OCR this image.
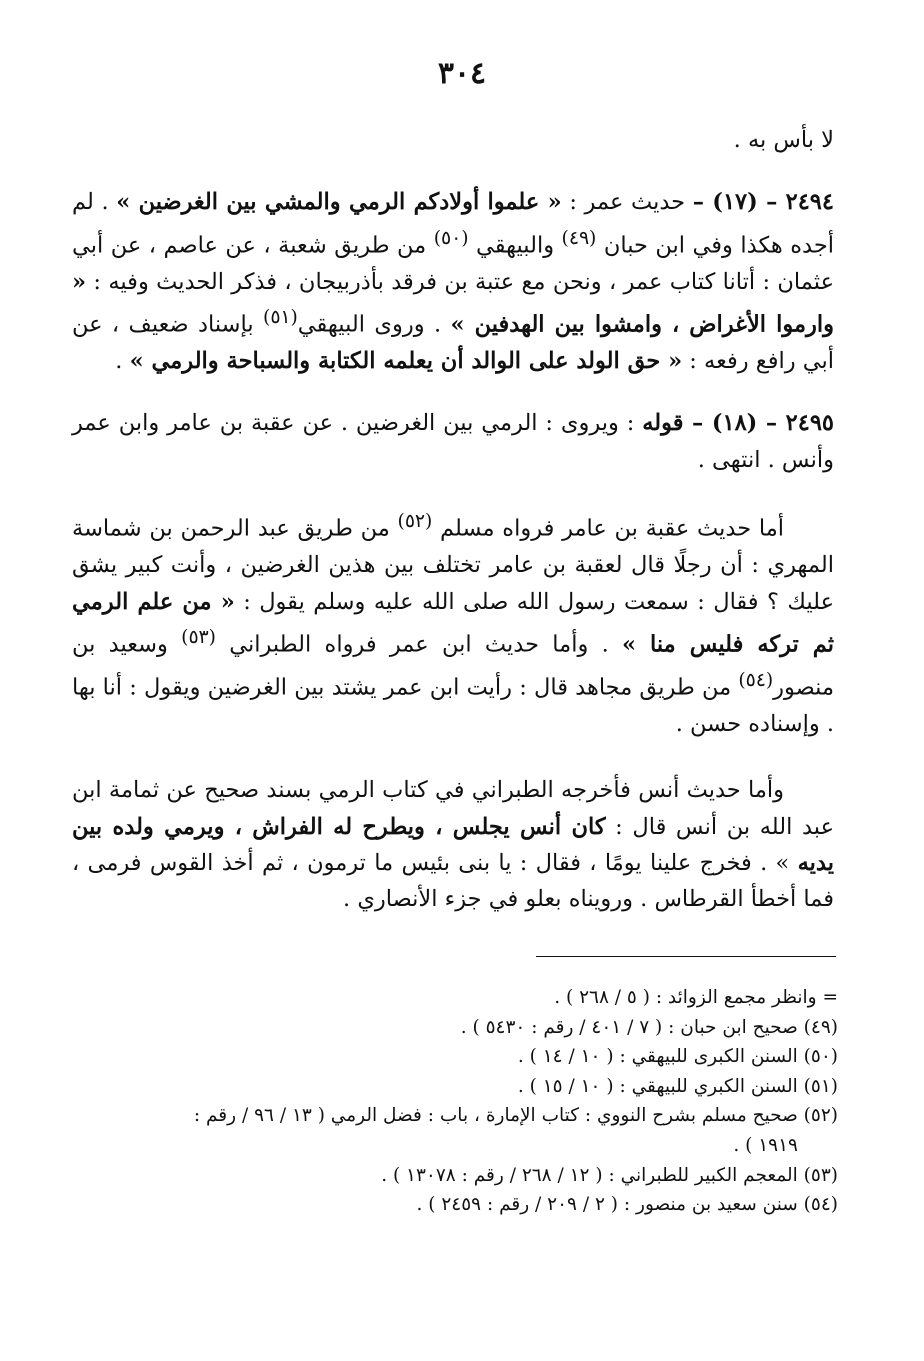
٣٠٤

لا بأس به .

٢٤٩٤ – (١٧) – حديث عمر : « علموا أولادكم الرمي والمشي بين الغرضين » . لم أجده هكذا وفي ابن حبان $^{(٤٩)}$ والبيهقي $^{(٥٠)}$ من طريق شعبة ، عن عاصم ، عن أبي عثمان : أتانا كتاب عمر ، ونحن مع عتبة بن فرقد بأذربيجان ، فذكر الحديث وفيه : « وارموا الأغراض ، وامشوا بين الهدفين » . وروى البيهقي$^{(٥١)}$ بإسناد ضعيف ، عن أبي رافع رفعه : « حق الولد على الوالد أن يعلمه الكتابة والسباحة والرمي » .

٢٤٩٥ – (١٨) – قوله : ويروى : الرمي بين الغرضين . عن عقبة بن عامر وابن عمر وأنس . انتهى .

أما حديث عقبة بن عامر فرواه مسلم $^{(٥٢)}$ من طريق عبد الرحمن بن شماسة المهري : أن رجلًا قال لعقبة بن عامر تختلف بين هذين الغرضين ، وأنت كبير يشق عليك ؟ فقال : سمعت رسول الله صلى الله عليه وسلم يقول : « من علم الرمي ثم تركه فليس منا » . وأما حديث ابن عمر فرواه الطبراني $^{(٥٣)}$ وسعيد بن منصور$^{(٥٤)}$ من طريق مجاهد قال : رأيت ابن عمر يشتد بين الغرضين ويقول : أنا بها . وإسناده حسن .

وأما حديث أنس فأخرجه الطبراني في كتاب الرمي بسند صحيح عن ثمامة ابن عبد الله بن أنس قال : كان أنس يجلس ، ويطرح له الفراش ، ويرمي ولده بين يديه » . فخرج علينا يومًا ، فقال : يا بنى بئيس ما ترمون ، ثم أخذ القوس فرمى ، فما أخطأ القرطاس . ورويناه بعلو في جزء الأنصاري .

= وانظر مجمع الزوائد : ( ٥ / ٢٦٨ ) .
(٤٩) صحيح ابن حبان : ( ٧ / ٤٠١ / رقم : ٥٤٣٠ ) .
(٥٠) السنن الكبرى للبيهقي : ( ١٠ / ١٤ ) .
(٥١) السنن الكبري للبيهقي : ( ١٠ / ١٥ ) .
(٥٢) صحيح مسلم بشرح النووي : كتاب الإمارة ، باب : فضل الرمي ( ١٣ / ٩٦ / رقم :
١٩١٩ ) .
(٥٣) المعجم الكبير للطبراني : ( ١٢ / ٢٦٨ / رقم : ١٣٠٧٨ ) .
(٥٤) سنن سعيد بن منصور : ( ٢ / ٢٠٩ / رقم : ٢٤٥٩ ) .
